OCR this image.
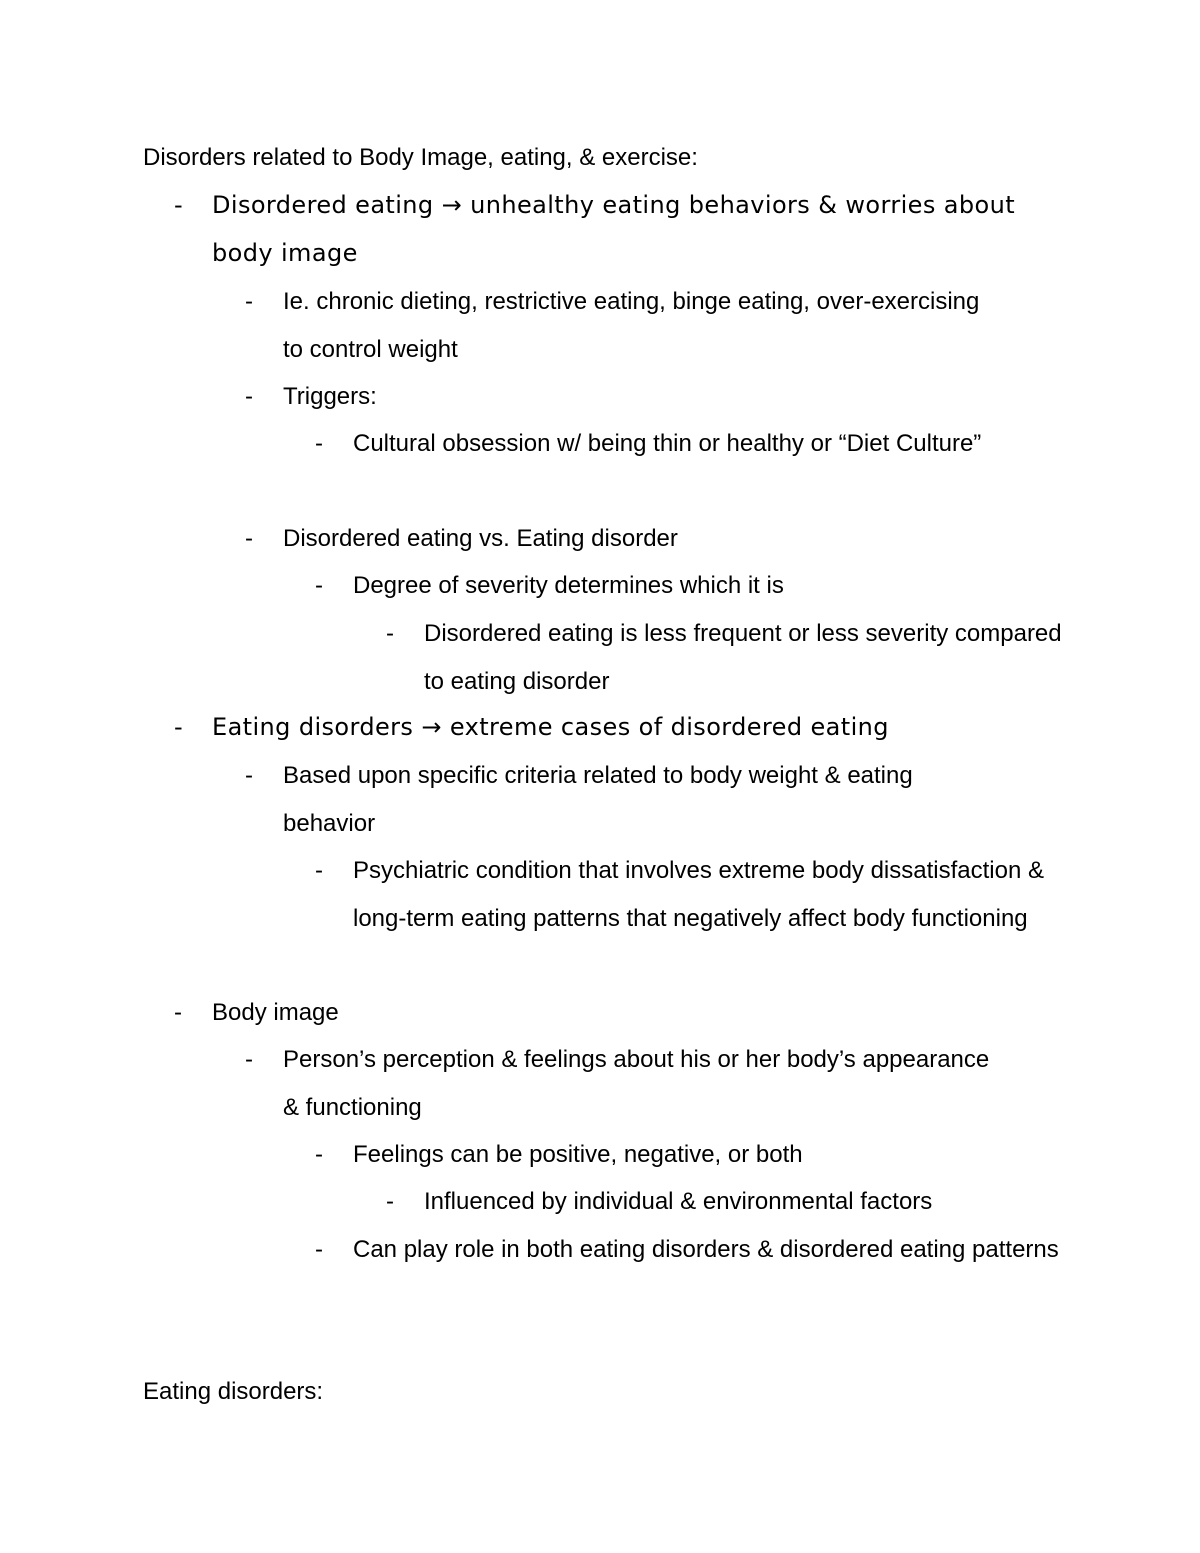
Disorders related to Body Image, eating, & exercise:
-	Disordered eating → unhealthy eating behaviors & worries about body image
-	Ie. chronic dieting, restrictive eating, binge eating, over-exercising to control weight
-	Triggers:
-	Cultural obsession w/ being thin or healthy or “Diet Culture”
-	Disordered eating vs. Eating disorder
-	Degree of severity determines which it is
-	Disordered eating is less frequent or less severity compared to eating disorder
-	Eating disorders → extreme cases of disordered eating
-	Based upon specific criteria related to body weight & eating behavior
-	Psychiatric condition that involves extreme body dissatisfaction & long-term eating patterns that negatively affect body functioning
-	Body image
-	Person’s perception & feelings about his or her body’s appearance & functioning
-	Feelings can be positive, negative, or both
-	Influenced by individual & environmental factors
-	Can play role in both eating disorders & disordered eating patterns
Eating disorders:
